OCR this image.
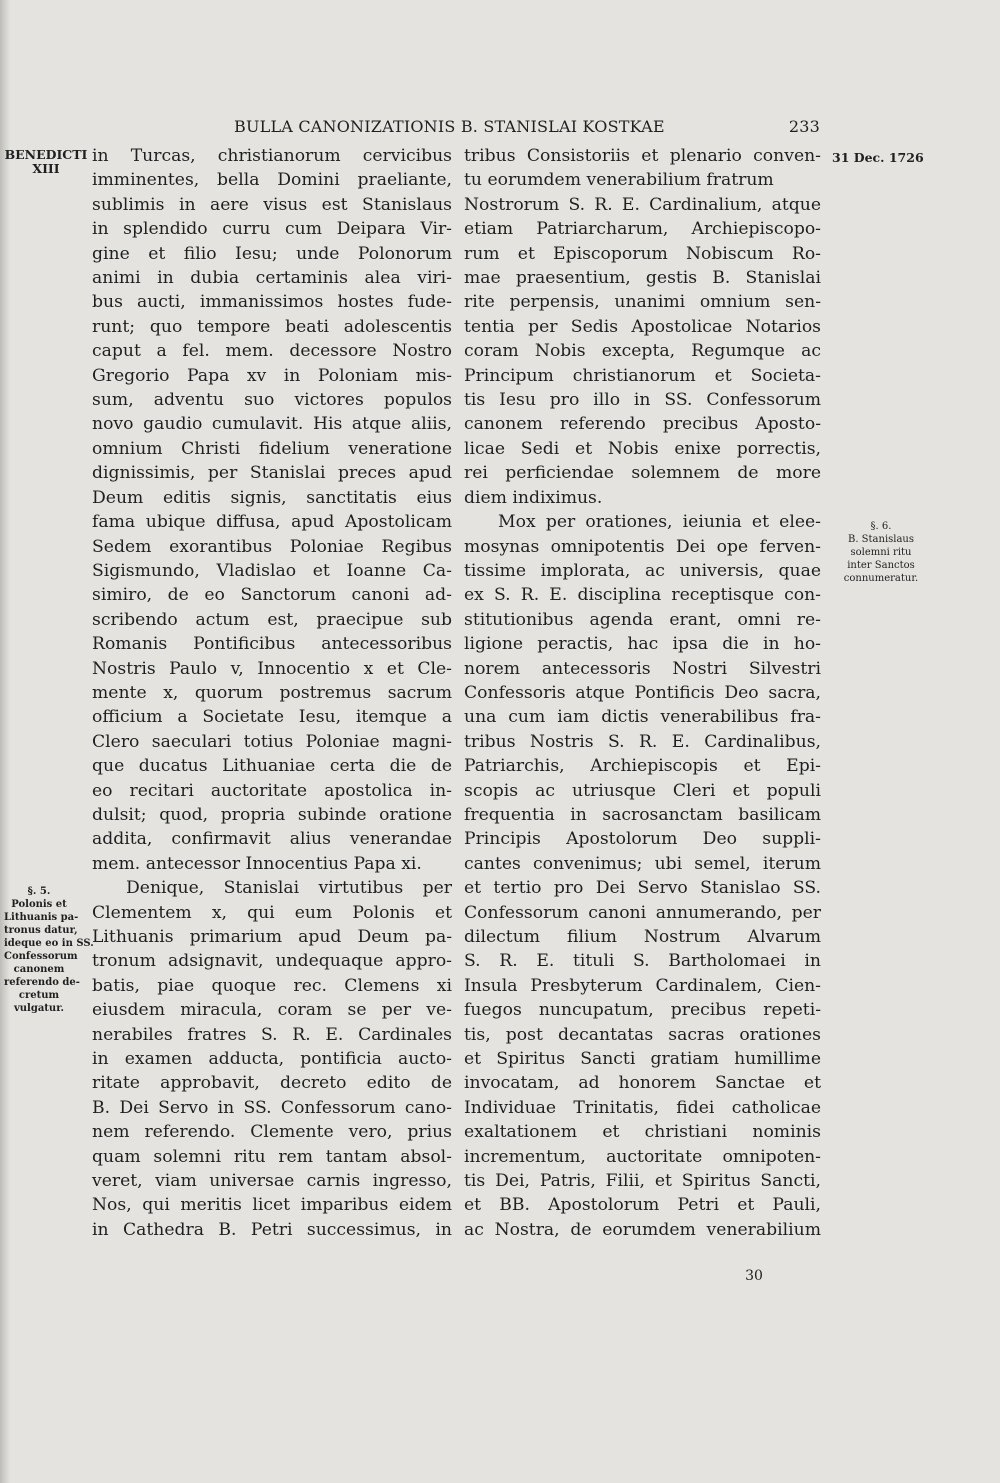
BULLA CANONIZATIONIS B. STANISLAI KOSTKAE	233
BENEDICTI
XIII
31 Dec. 1726
§. 5.
Polonis et
Lithuanis pa-
tronus datur,
ideque eo in SS.
Confessorum
canonem
referendo de-
cretum
vulgatur.
§. 6.
B. Stanislaus
solemni ritu
inter Sanctos
connumeratur.
in Turcas, christianorum cervicibus
imminentes, bella Domini praeliante,
sublimis in aere visus est Stanislaus
in splendido curru cum Deipara Vir-
gine et filio Iesu; unde Polonorum
animi in dubia certaminis alea viri-
bus aucti, immanissimos hostes fude-
runt; quo tempore beati adolescentis
caput a fel. mem. decessore Nostro
Gregorio Papa xv in Poloniam mis-
sum, adventu suo victores populos
novo gaudio cumulavit. His atque aliis,
omnium Christi fidelium veneratione
dignissimis, per Stanislai preces apud
Deum editis signis, sanctitatis eius
fama ubique diffusa, apud Apostolicam
Sedem exorantibus Poloniae Regibus
Sigismundo, Vladislao et Ioanne Ca-
simiro, de eo Sanctorum canoni ad-
scribendo actum est, praecipue sub
Romanis Pontificibus antecessoribus
Nostris Paulo v, Innocentio x et Cle-
mente x, quorum postremus sacrum
officium a Societate Iesu, itemque a
Clero saeculari totius Poloniae magni-
que ducatus Lithuaniae certa die de
eo recitari auctoritate apostolica in-
dulsit; quod, propria subinde oratione
addita, confirmavit alius venerandae
mem. antecessor Innocentius Papa xi.
Denique, Stanislai virtutibus per
Clementem x, qui eum Polonis et
Lithuanis primarium apud Deum pa-
tronum adsignavit, undequaque appro-
batis, piae quoque rec. Clemens xi
eiusdem miracula, coram se per ve-
nerabiles fratres S. R. E. Cardinales
in examen adducta, pontificia aucto-
ritate approbavit, decreto edito de
B. Dei Servo in SS. Confessorum cano-
nem referendo. Clemente vero, prius
quam solemni ritu rem tantam absol-
veret, viam universae carnis ingresso,
Nos, qui meritis licet imparibus eidem
in Cathedra B. Petri successimus, in
tribus Consistoriis et plenario conven-
tu eorumdem venerabilium fratrum
Nostrorum S. R. E. Cardinalium, atque
etiam Patriarcharum, Archiepiscopo-
rum et Episcoporum Nobiscum Ro-
mae praesentium, gestis B. Stanislai
rite perpensis, unanimi omnium sen-
tentia per Sedis Apostolicae Notarios
coram Nobis excepta, Regumque ac
Principum christianorum et Societa-
tis Iesu pro illo in SS. Confessorum
canonem referendo precibus Aposto-
licae Sedi et Nobis enixe porrectis,
rei perficiendae solemnem de more
diem indiximus.
Mox per orationes, ieiunia et elee-
mosynas omnipotentis Dei ope ferven-
tissime implorata, ac universis, quae
ex S. R. E. disciplina receptisque con-
stitutionibus agenda erant, omni re-
ligione peractis, hac ipsa die in ho-
norem antecessoris Nostri Silvestri
Confessoris atque Pontificis Deo sacra,
una cum iam dictis venerabilibus fra-
tribus Nostris S. R. E. Cardinalibus,
Patriarchis, Archiepiscopis et Epi-
scopis ac utriusque Cleri et populi
frequentia in sacrosanctam basilicam
Principis Apostolorum Deo suppli-
cantes convenimus; ubi semel, iterum
et tertio pro Dei Servo Stanislao SS.
Confessorum canoni annumerando, per
dilectum filium Nostrum Alvarum
S. R. E. tituli S. Bartholomaei in
Insula Presbyterum Cardinalem, Cien-
fuegos nuncupatum, precibus repeti-
tis, post decantatas sacras orationes
et Spiritus Sancti gratiam humillime
invocatam, ad honorem Sanctae et
Individuae Trinitatis, fidei catholicae
exaltationem et christiani nominis
incrementum, auctoritate omnipoten-
tis Dei, Patris, Filii, et Spiritus Sancti,
et BB. Apostolorum Petri et Pauli,
ac Nostra, de eorumdem venerabilium
30
